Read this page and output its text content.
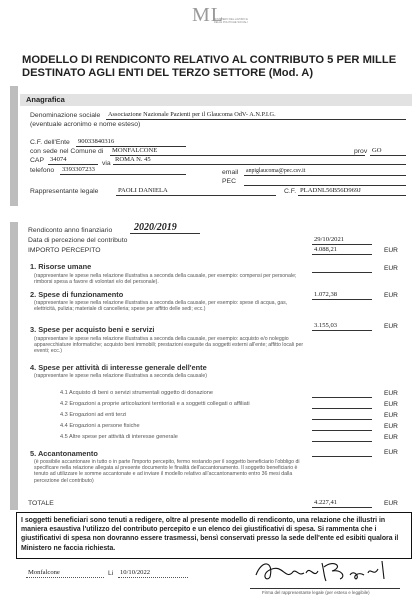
M L
MINISTERO DEL LAVORO E DELLE POLITICHE SOCIALI
MODELLO DI RENDICONTO RELATIVO AL CONTRIBUTO 5 PER MILLE DESTINATO AGLI ENTI DEL TERZO SETTORE (Mod. A)
Anagrafica
Denominazione sociale Associazione Nazionale Pazienti per il Glaucoma OdV- A.N.P.I.G.
(eventuale acronimo e nome esteso)
C.F. dell'Ente 90033840316
con sede nel Comune di MONFALCONE	prov GO
CAP 34074
via
ROMA N. 45
telefono 3393307233	email anpiglaucoma@pec.csv.it
PEC
Rappresentante legale	PAOLI DANIELA	C.F. PLADNL56B56D969J
Rendiconto anno finanziario 2020/2019
Data di percezione del contributo	29/10/2021
IMPORTO PERCEPITO	4.088,21	EUR
1. Risorse umane
(rappresentare le spese nella relazione illustrativa a seconda della causale, per esempio: compensi per personale; rimborsi spesa a favore di volontari e/o del personale).
EUR
2. Spese di funzionamento
(rappresentare le spese nella relazione illustrativa a seconda della causale, per esempio: spese di acqua, gas, elettricità, pulizia; materiale di cancelleria; spese per affitto delle sedi; ecc.)
1.072,38	EUR
3. Spese per acquisto beni e servizi
(rappresentare le spese nella relazione illustrativa a seconda della causale, per esempio: acquisto e/o noleggio apparecchiature informatiche; acquisto beni immobili; prestazioni eseguite da soggetti esterni all'ente; affitto locali per eventi; ecc.)
3.155,03	EUR
4. Spese per attività di interesse generale dell'ente
(rappresentare le spese nella relazione illustrativa a seconda della causale)
4.1 Acquisto di beni o servizi strumentali oggetto di donazione	EUR
4.2 Erogazioni a proprie articolazioni territoriali e a soggetti collegati o affiliati	EUR
4.3 Erogazioni ad enti terzi	EUR
4.4 Erogazioni a persone fisiche	EUR
4.5 Altre spese per attività di interesse generale	EUR
5. Accantonamento
(è possibile accantonare in tutto o in parte l'importo percepito, fermo restando per il soggetto beneficiario l'obbligo di specificare nella relazione allegata al presente documento le finalità dell'accantonamento. Il soggetto beneficiario è tenuto ad utilizzare le somme accantonate e ad inviare il modello relativo all'accantonamento entro 36 mesi dalla percezione del contributo)
EUR
TOTALE	4.227,41	EUR
I soggetti beneficiari sono tenuti a redigere, oltre al presente modello di rendiconto, una relazione che illustri in maniera esaustiva l'utilizzo del contributo percepito e un elenco dei giustificativi di spesa. Si rammenta che i giustificativi di spesa non dovranno essere trasmessi, bensì conservati presso la sede dell'ente ed esibiti qualora il Ministero ne faccia richiesta.
Monfalcone	Li 10/10/2022
Firma del rappresentante legale (per esteso e leggibile)
